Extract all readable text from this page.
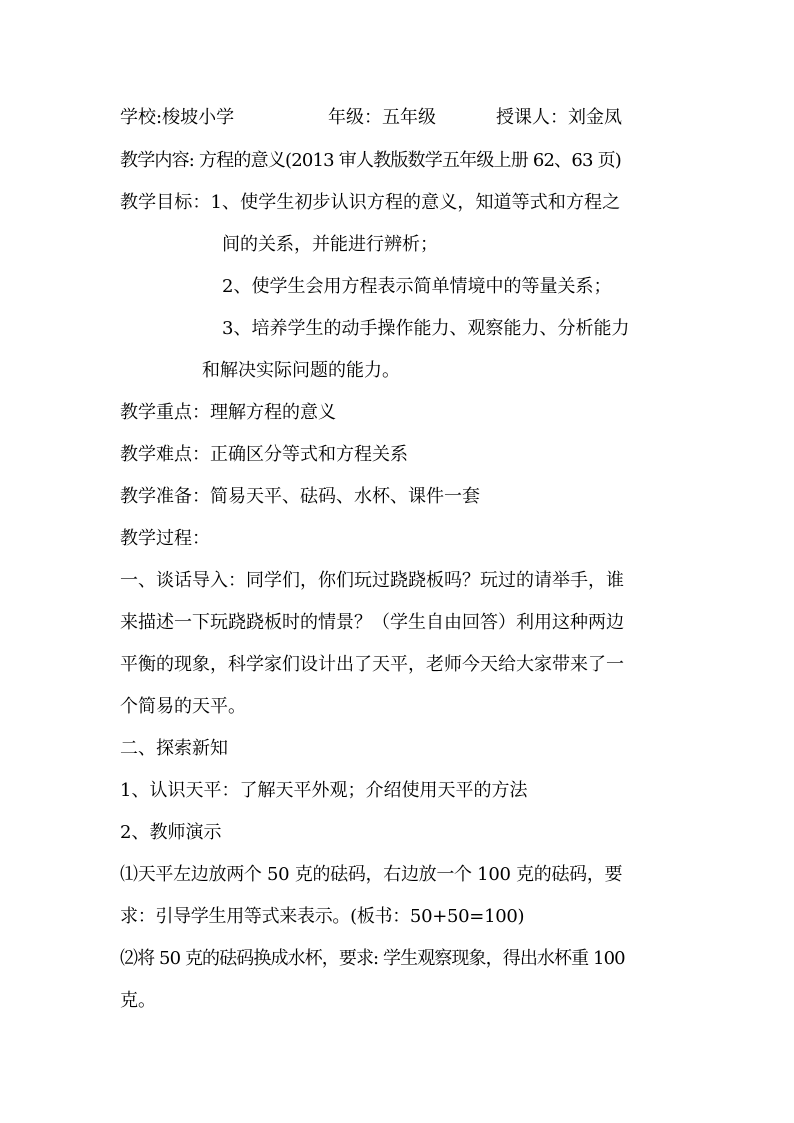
学校:梭坡小学	年级：五年级	授课人：刘金凤
教学内容: 方程的意义(2013 审人教版数学五年级上册 62、63 页)
教学目标：1、使学生初步认识方程的意义，知道等式和方程之
间的关系，并能进行辨析；
2、使学生会用方程表示简单情境中的等量关系；
3、培养学生的动手操作能力、观察能力、分析能力
和解决实际问题的能力。
教学重点：理解方程的意义
教学难点：正确区分等式和方程关系
教学准备：简易天平、砝码、水杯、课件一套
教学过程：
一、谈话导入：同学们，你们玩过跷跷板吗？玩过的请举手，谁
来描述一下玩跷跷板时的情景？（学生自由回答）利用这种两边
平衡的现象，科学家们设计出了天平，老师今天给大家带来了一
个简易的天平。
二、探索新知
1、认识天平：了解天平外观；介绍使用天平的方法
2、教师演示
⑴天平左边放两个 50 克的砝码，右边放一个 100 克的砝码，要
求：引导学生用等式来表示。(板书：50+50=100)
⑵将 50 克的砝码换成水杯，要求: 学生观察现象，得出水杯重 100
克。
